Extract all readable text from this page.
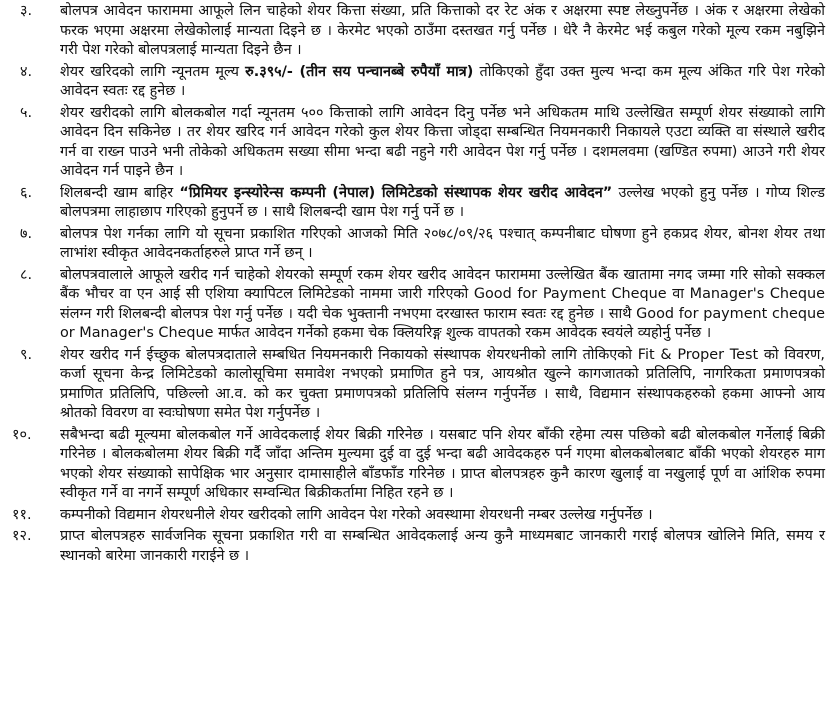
३.	बोलपत्र आवेदन फाराममा आफूले लिन चाहेको शेयर कित्ता संख्या, प्रति कित्ताको दर रेट अंक र अक्षरमा स्पष्ट लेख्नुपर्नेछ । अंक र अक्षरमा लेखेको फरक भएमा अक्षरमा लेखेकोलाई मान्यता दिइने छ । केरमेट भएको ठाउँमा दस्तखत गर्नु पर्नेछ । धेरै नै केरमेट भई कबुल गरेको मूल्य रकम नबुझिने गरी पेश गरेको बोलपत्रलाई मान्यता दिइने छैन ।

४.	शेयर खरिदको लागि न्यूनतम मूल्य रु.३९५/- (तीन सय पन्चानब्बे रुपैयाँ मात्र) तोकिएको हुँदा उक्त मुल्य भन्दा कम मूल्य अंकित गरि पेश गरेको आवेदन स्वतः रद्द हुनेछ ।

५.	शेयर खरीदको लागि बोलकबोल गर्दा न्यूनतम ५०० कित्ताको लागि आवेदन दिनु पर्नेछ भने अधिकतम माथि उल्लेखित सम्पूर्ण शेयर संख्याको लागि आवेदन दिन सकिनेछ । तर शेयर खरिद गर्न आवेदन गरेको कुल शेयर कित्ता जोड्दा सम्बन्धित नियमनकारी निकायले एउटा व्यक्ति वा संस्थाले खरीद गर्न वा राख्न पाउने भनी तोकेको अधिकतम सख्या सीमा भन्दा बढी नहुने गरी आवेदन पेश गर्नु पर्नेछ । दशमलवमा (खण्डित रुपमा) आउने गरी शेयर आवेदन गर्न पाइने छैन ।

६.	शिलबन्दी खाम बाहिर “प्रिमियर इन्स्योरेन्स कम्पनी (नेपाल) लिमिटेडको संस्थापक शेयर खरीद आवेदन” उल्लेख भएको हुनु पर्नेछ । गोप्य शिल्ड बोलपत्रमा लाहाछाप गरिएको हुनुपर्ने छ । साथै शिलबन्दी खाम पेश गर्नु पर्ने छ ।

७.	बोलपत्र पेश गर्नका लागि यो सूचना प्रकाशित गरिएको आजको मिति २०७८/०९/२६ पश्चात् कम्पनीबाट घोषणा हुने हकप्रद शेयर, बोनश शेयर तथा लाभांश स्वीकृत आवेदनकर्ताहरुले प्राप्त गर्ने छन् ।

८.	बोलपत्रवालाले आफूले खरीद गर्न चाहेको शेयरको सम्पूर्ण रकम शेयर खरीद आवेदन फाराममा उल्लेखित बैंक खातामा नगद जम्मा गरि सोको सक्कल बैंक भौचर वा एन आई सी एशिया क्यापिटल लिमिटेडको नाममा जारी गरिएको Good for Payment Cheque वा Manager's Cheque संलग्न गरी शिलबन्दी बोलपत्र पेश गर्नु पर्नेछ । यदी चेक भुक्तानी नभएमा दरखास्त फाराम स्वतः रद्द हुनेछ । साथै Good for payment cheque or Manager's Cheque मार्फत आवेदन गर्नेको हकमा चेक क्लियरिङ्ग शुल्क वापतको रकम आवेदक स्वयंले व्यहोर्नु पर्नेछ ।

९.	शेयर खरीद गर्न ईच्छुक बोलपत्रदाताले सम्बधित नियमनकारी निकायको संस्थापक शेयरधनीको लागि तोकिएको Fit & Proper Test को विवरण, कर्जा सूचना केन्द्र लिमिटेडको कालोसूचिमा समावेश नभएको प्रमाणित हुने पत्र, आयश्रोत खुल्ने कागजातको प्रतिलिपि, नागरिकता प्रमाणपत्रको प्रमाणित प्रतिलिपि, पछिल्लो आ.व. को कर चुक्ता प्रमाणपत्रको प्रतिलिपि संलग्न गर्नुपर्नेछ । साथै, विद्यमान संस्थापकहरुको हकमा आफ्नो आय श्रोतको विवरण वा स्वःघोषणा समेत पेश गर्नुपर्नेछ ।

१०.	सबैभन्दा बढी मूल्यमा बोलकबोल गर्ने आवेदकलाई शेयर बिक्री गरिनेछ । यसबाट पनि शेयर बाँकी रहेमा त्यस पछिको बढी बोलकबोल गर्नेलाई बिक्री गरिनेछ । बोलकबोलमा शेयर बिक्री गर्दै जाँदा अन्तिम मुल्यमा दुई वा दुई भन्दा बढी आवेदकहरु पर्न गएमा बोलकबोलबाट बाँकी भएको शेयरहरु माग भएको शेयर संख्याको सापेक्षिक भार अनुसार दामासाहीले बाँडफाँड गरिनेछ । प्राप्त बोलपत्रहरु कुनै कारण खुलाई वा नखुलाई पूर्ण वा आंशिक रुपमा स्वीकृत गर्ने वा नगर्ने सम्पूर्ण अधिकार सम्वन्धित बिक्रीकर्तामा निहित रहने छ ।

११.	कम्पनीको विद्यमान शेयरधनीले शेयर खरीदको लागि आवेदन पेश गरेको अवस्थामा शेयरधनी नम्बर उल्लेख गर्नुपर्नेछ ।

१२.	प्राप्त बोलपत्रहरु सार्वजनिक सूचना प्रकाशित गरी वा सम्बन्धित आवेदकलाई अन्य कुनै माध्यमबाट जानकारी गराई बोलपत्र खोलिने मिति, समय र स्थानको बारेमा जानकारी गराईने छ ।
